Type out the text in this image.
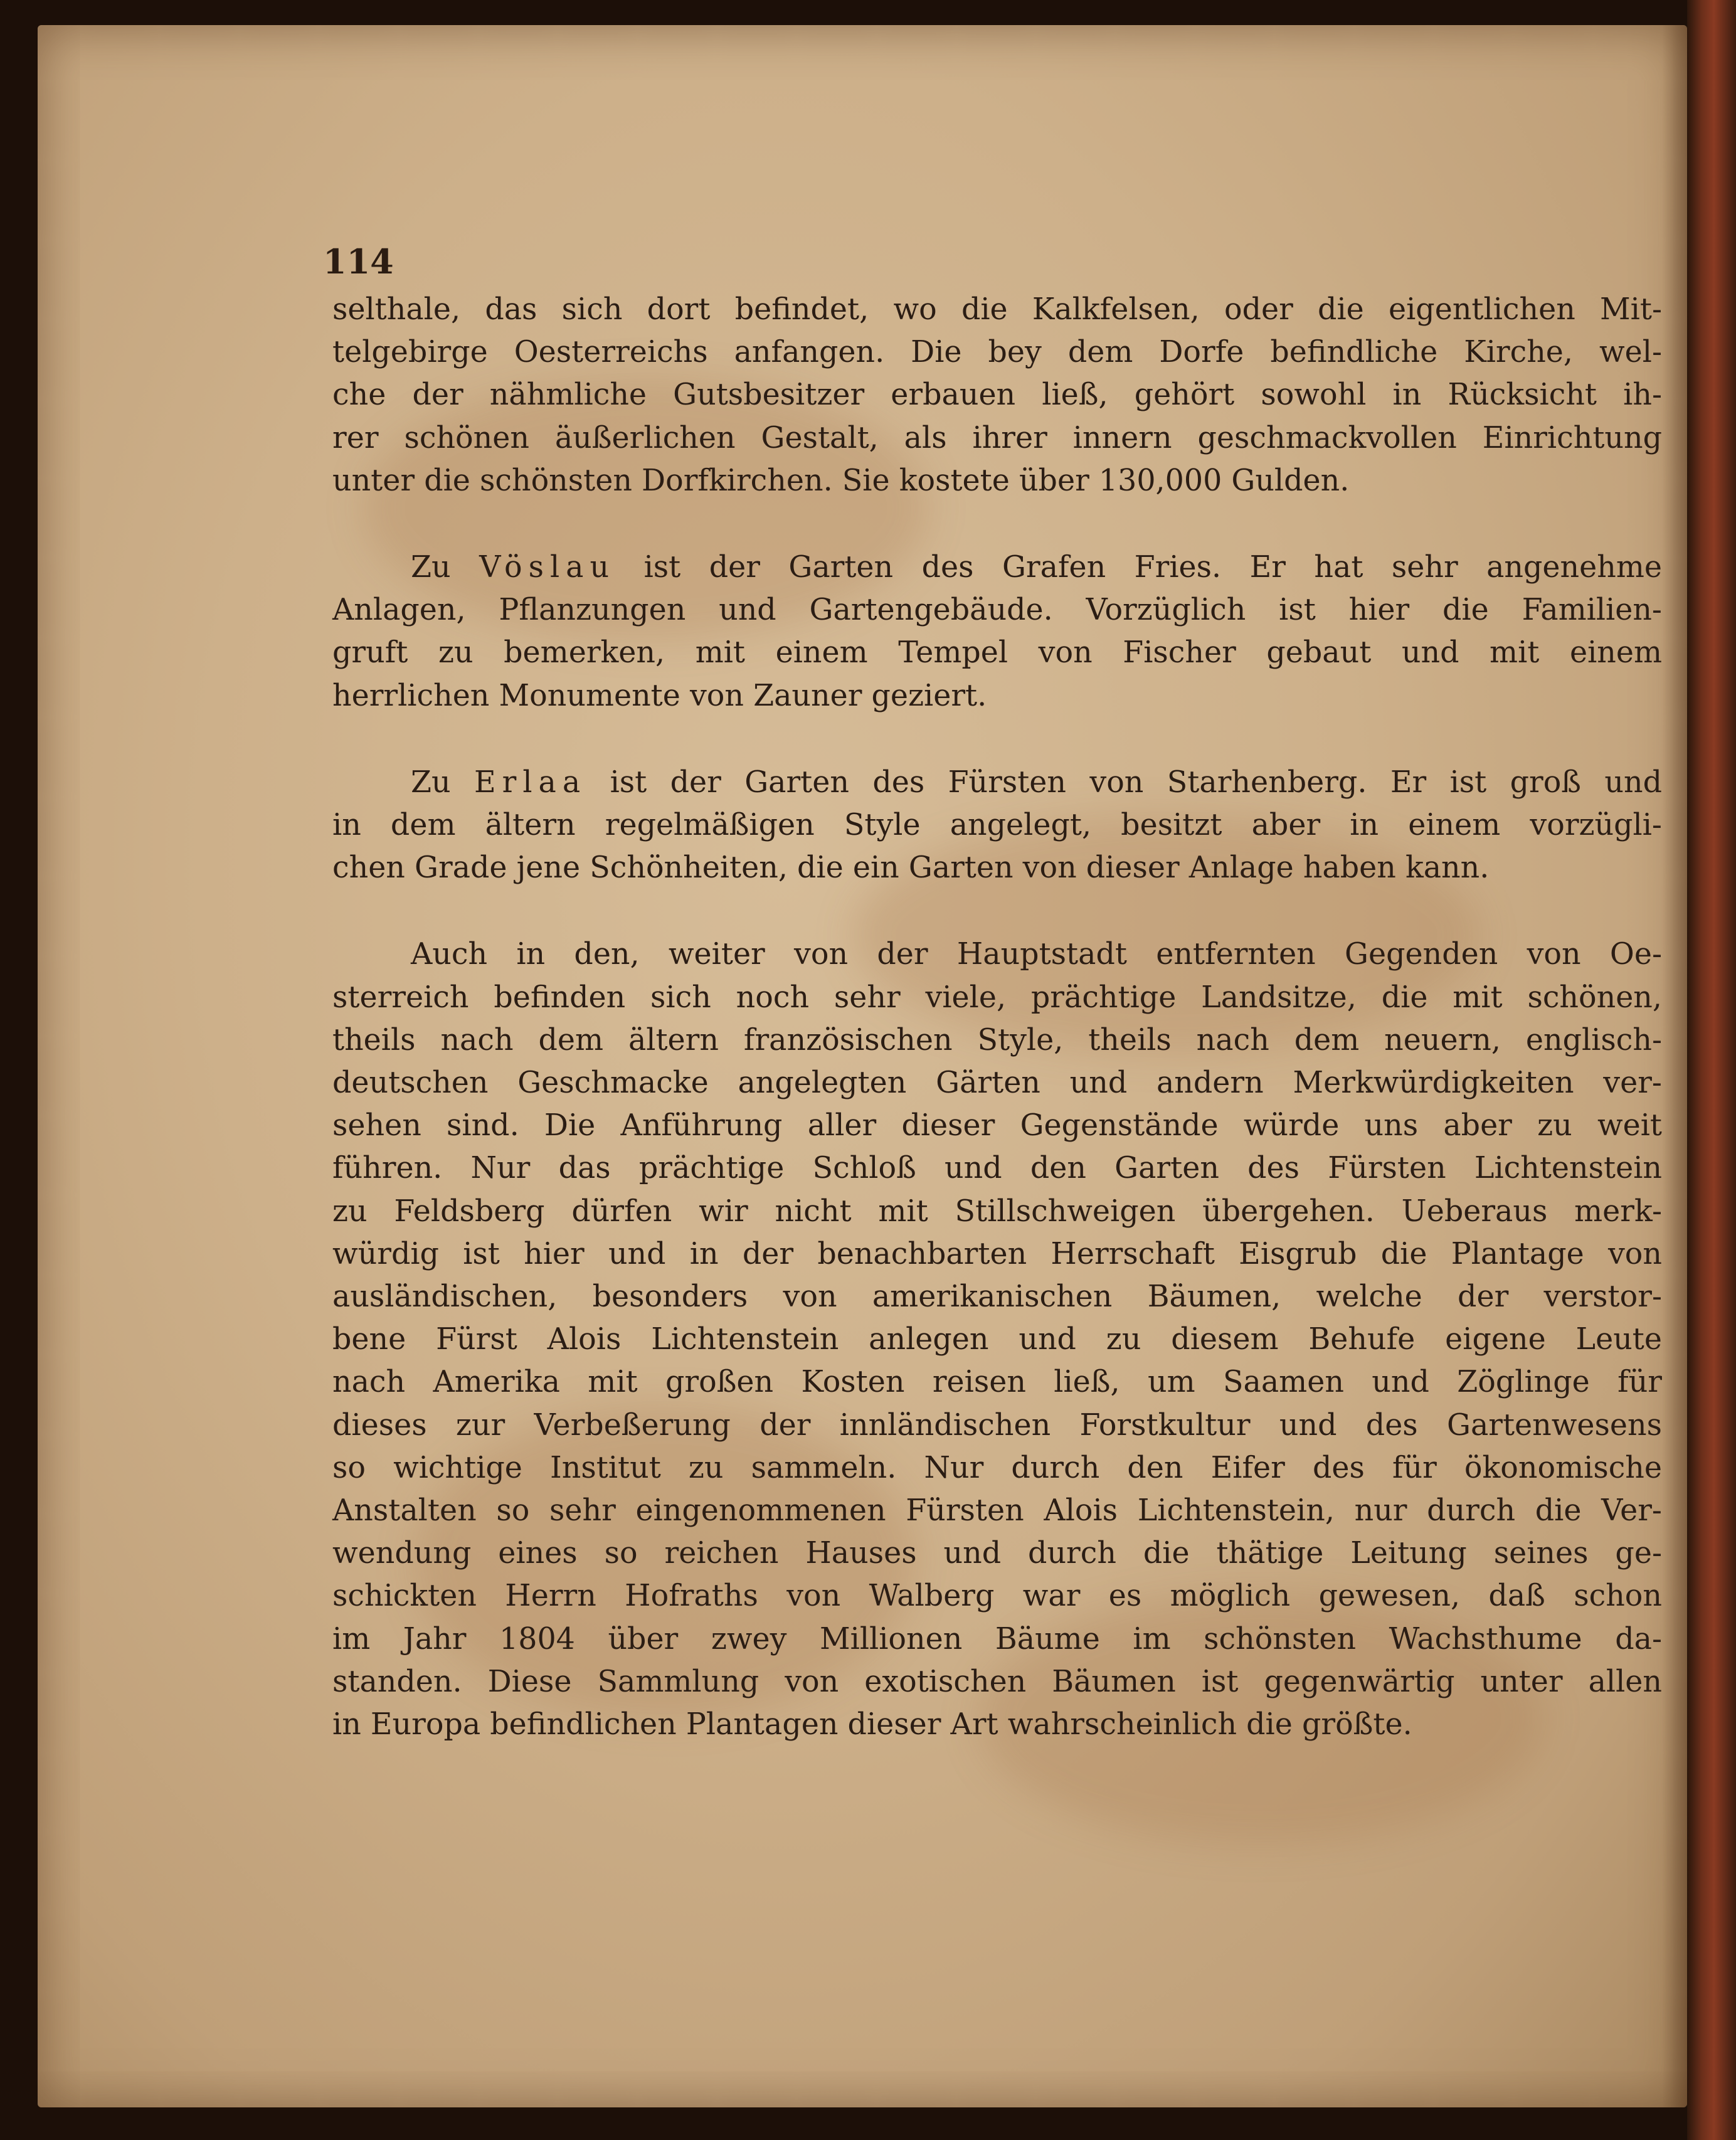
114
selthale, das sich dort befindet, wo die Kalkfelsen, oder die eigentlichen Mit-
telgebirge Oesterreichs anfangen. Die bey dem Dorfe befindliche Kirche, wel-
che der nähmliche Gutsbesitzer erbauen ließ, gehört sowohl in Rücksicht ih-
rer schönen äußerlichen Gestalt, als ihrer innern geschmackvollen Einrichtung
unter die schönsten Dorfkirchen. Sie kostete über 130,000 Gulden.
Zu Vöslau ist der Garten des Grafen Fries. Er hat sehr angenehme
Anlagen, Pflanzungen und Gartengebäude. Vorzüglich ist hier die Familien-
gruft zu bemerken, mit einem Tempel von Fischer gebaut und mit einem
herrlichen Monumente von Zauner geziert.
Zu Erlaa ist der Garten des Fürsten von Starhenberg. Er ist groß und
in dem ältern regelmäßigen Style angelegt, besitzt aber in einem vorzügli-
chen Grade jene Schönheiten, die ein Garten von dieser Anlage haben kann.
Auch in den, weiter von der Hauptstadt entfernten Gegenden von Oe-
sterreich befinden sich noch sehr viele, prächtige Landsitze, die mit schönen,
theils nach dem ältern französischen Style, theils nach dem neuern, englisch-
deutschen Geschmacke angelegten Gärten und andern Merkwürdigkeiten ver-
sehen sind. Die Anführung aller dieser Gegenstände würde uns aber zu weit
führen. Nur das prächtige Schloß und den Garten des Fürsten Lichtenstein
zu Feldsberg dürfen wir nicht mit Stillschweigen übergehen. Ueberaus merk-
würdig ist hier und in der benachbarten Herrschaft Eisgrub die Plantage von
ausländischen, besonders von amerikanischen Bäumen, welche der verstor-
bene Fürst Alois Lichtenstein anlegen und zu diesem Behufe eigene Leute
nach Amerika mit großen Kosten reisen ließ, um Saamen und Zöglinge für
dieses zur Verbeßerung der innländischen Forstkultur und des Gartenwesens
so wichtige Institut zu sammeln. Nur durch den Eifer des für ökonomische
Anstalten so sehr eingenommenen Fürsten Alois Lichtenstein, nur durch die Ver-
wendung eines so reichen Hauses und durch die thätige Leitung seines ge-
schickten Herrn Hofraths von Walberg war es möglich gewesen, daß schon
im Jahr 1804 über zwey Millionen Bäume im schönsten Wachsthume da-
standen. Diese Sammlung von exotischen Bäumen ist gegenwärtig unter allen
in Europa befindlichen Plantagen dieser Art wahrscheinlich die größte.
